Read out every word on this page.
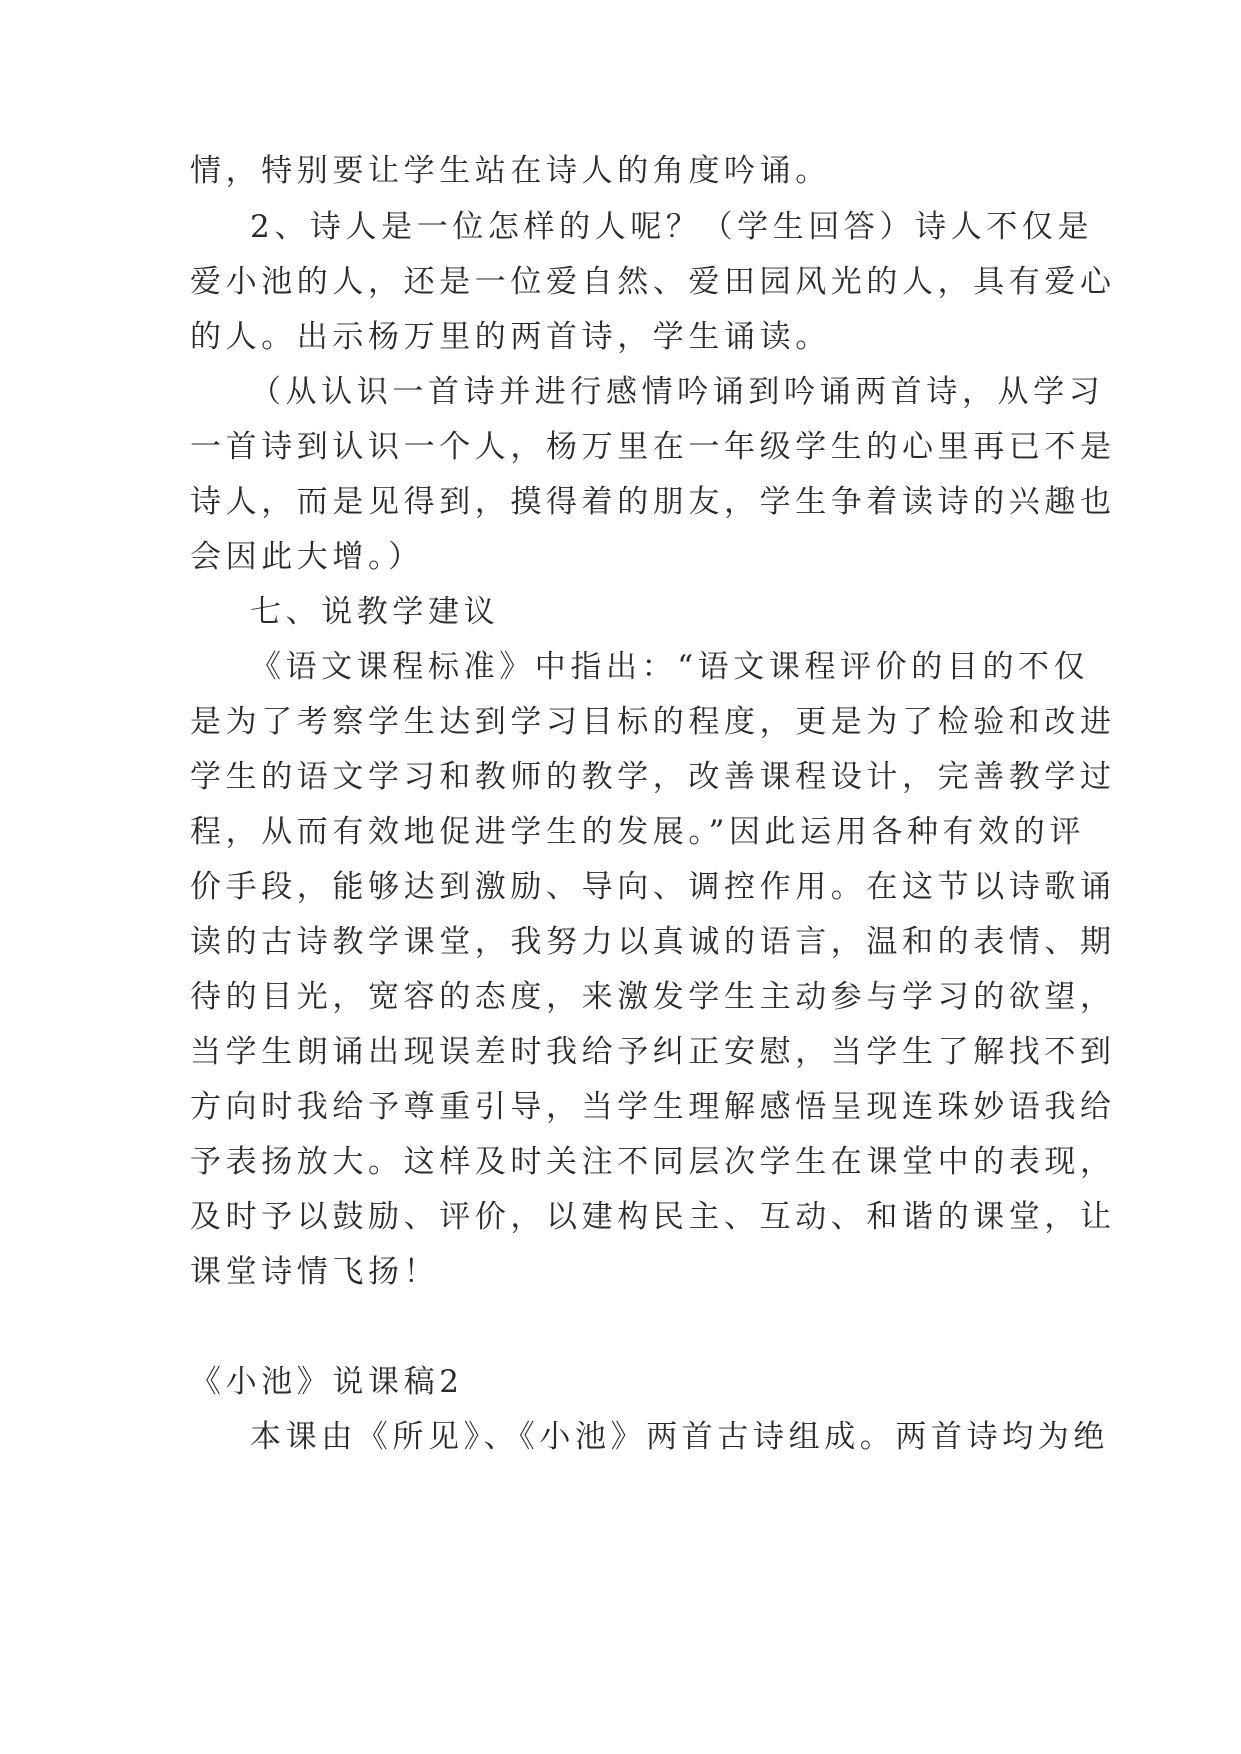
情，特别要让学生站在诗人的角度吟诵。
2、诗人是一位怎样的人呢？（学生回答）诗人不仅是
爱小池的人，还是一位爱自然、爱田园风光的人，具有爱心
的人。出示杨万里的两首诗，学生诵读。
（从认识一首诗并进行感情吟诵到吟诵两首诗，从学习
一首诗到认识一个人，杨万里在一年级学生的心里再已不是
诗人，而是见得到，摸得着的朋友，学生争着读诗的兴趣也
会因此大增。）
七、说教学建议
《语文课程标准》中指出：“语文课程评价的目的不仅
是为了考察学生达到学习目标的程度，更是为了检验和改进
学生的语文学习和教师的教学，改善课程设计，完善教学过
程，从而有效地促进学生的发展。”因此运用各种有效的评
价手段，能够达到激励、导向、调控作用。在这节以诗歌诵
读的古诗教学课堂，我努力以真诚的语言，温和的表情、期
待的目光，宽容的态度，来激发学生主动参与学习的欲望，
当学生朗诵出现误差时我给予纠正安慰，当学生了解找不到
方向时我给予尊重引导，当学生理解感悟呈现连珠妙语我给
予表扬放大。这样及时关注不同层次学生在课堂中的表现，
及时予以鼓励、评价，以建构民主、互动、和谐的课堂，让
课堂诗情飞扬！
《小池》说课稿2
本课由《所见》、《小池》两首古诗组成。两首诗均为绝
